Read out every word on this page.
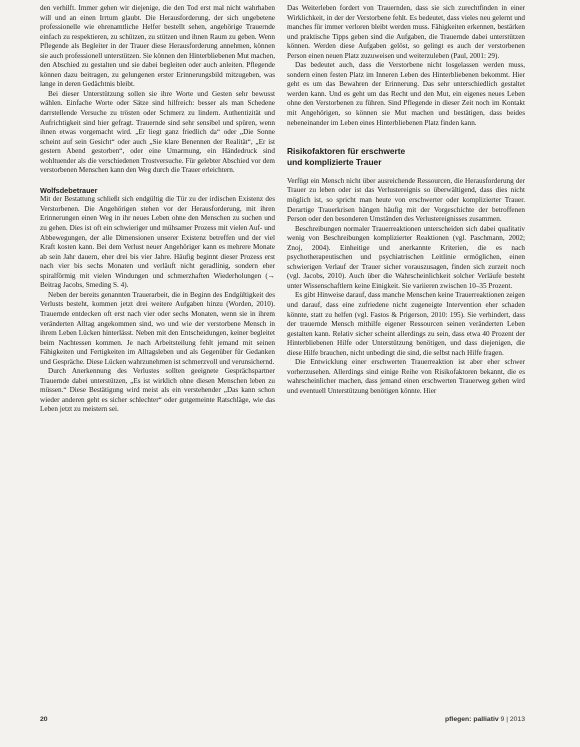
den verhilft. Immer gehen wir diejenige, die den Tod erst mal nicht wahrhaben will und an einen Irrtum glaubt. Die Herausforderung, der sich ungebetene professionelle wie ehrenamtliche Helfer bestellt sehen, angehörige Trauernde einfach zu respektieren, zu schützen, zu stützen und ihnen Raum zu geben. Wenn Pflegende als Begleiter in der Trauer diese Herausforderung annehmen, können sie auch professionell unterstützen. Sie können den Hinterbliebenen Mut machen, den Abschied zu gestalten und sie dabei begleiten oder auch anleiten. Pflegende können dazu beitragen, zu gelungenen erster Erinnerungsbild mitzugeben, was lange in deren Gedächtnis bleibt.

Bei dieser Unterstützung sollen sie ihre Worte und Gesten sehr bewusst wählen. Einfache Worte oder Sätze sind hilfreich: besser als man Schedene darrstellende Versuche zu trösten oder Schmerz zu lindern. Authentizität und Aufrichtigkeit sind hier gefragt. Trauernde sind sehr sensibel und spüren, wenn ihnen etwas vorgemacht wird. „Er liegt ganz friedlich da“ oder „Die Sonne scheint auf sein Gesicht“ oder auch „Sie klare Benennen der Realität“, „Er ist gestern Abend gestorben“, oder eine Umarmung, ein Händedruck sind wohltuender als die verschiedenen Trostversuche. Für gelebter Abschied vor dem verstorbenen Menschen kann den Weg durch die Trauer erleichtern.

Wolfsdebetrauer

Mit der Bestattung schließt sich endgültig die Tür zu der irdischen Existenz des Verstorbenen. Die Angehörigen stehen vor der Herausforderung, mit ihren Erinnerungen einen Weg in ihr neues Leben ohne den Menschen zu suchen und zu gehen. Dies ist oft ein schwieriger und mühsamer Prozess mit vielen Auf- und Abbewegungen, der alle Dimensionen unserer Existenz betreffen und der viel Kraft kosten kann. Bei dem Verlust neuer Angehöriger kann es mehrere Monate ab sein Jahr dauern, eher drei bis vier Jahre. Häufig beginnt dieser Prozess erst nach vier bis sechs Monaten und verläuft nicht geradlinig, sondern eher spiralförmig mit vielen Windungen und schmerzhaften Wiederholungen (→ Beitrag Jacobs, Smeding S. 4).

Neben der bereits genannten Trauerarbeit, die in Beginn des Endgültigkeit des Verlusts besteht, kommen jetzt drei weitere Aufgaben hinzu (Worden, 2010). Trauernde entdecken oft erst nach vier oder sechs Monaten, wenn sie in ihrem veränderten Alltag angekommen sind, wo und wie der verstorbene Mensch in ihrem Leben Lücken hinterlässt. Neben mit den Entscheidungen, keiner begleitet beim Nachtessen kommen. Je nach Arbeitsteilung fehlt jemand mit seinen Fähigkeiten und Fertigkeiten im Alltagsleben und als Gegenüber für Gedanken und Gespräche. Diese Lücken wahrzunehmen ist schmerzvoll und verunsichernd.

Durch Anerkennung des Verlustes sollten geeignete Gesprächspartner Trauernde dabei unterstützen, „Es ist wirklich ohne diesen Menschen leben zu müssen.“ Diese Bestätigung wird meist als ein verstehender „Das kann schon wieder anderen geht es sicher schlechter“ oder gutgemeinte Ratschläge, wie das Leben jetzt zu meistern sei.

Das Weiterleben fordert von Trauernden, dass sie sich zurechtfinden in einer Wirklichkeit, in der der Verstorbene fehlt. Es bedeutet, dass vieles neu gelernt und manches für immer verloren bleibt werden muss. Fähigkeiten erkennen, bestärken und praktische Tipps geben sind die Aufgaben, die Trauernde dabei unterstützen können. Werden diese Aufgaben gelöst, so gelingt es auch der verstorbenen Person einen neuen Platz zuzuweisen und weiterzuleben (Paul, 2001: 29).

Das bedeutet auch, dass die Verstorbene nicht losgelassen werden muss, sondern einen festen Platz im Inneren Leben des Hinterbliebenen bekommt. Hier geht es um das Bewahren der Erinnerung. Das sehr unterschiedlich gestaltet werden kann. Und es geht um das Recht und den Mut, ein eigenes neues Leben ohne den Verstorbenen zu führen. Sind Pflegende in dieser Zeit noch im Kontakt mit Angehörigen, so können sie Mut machen und bestätigen, dass beides nebeneinander im Leben eines Hinterbliebenen Platz finden kann.

Risikofaktoren für erschwerte
und komplizierte Trauer

Verfügt ein Mensch nicht über ausreichende Ressourcen, die Herausforderung der Trauer zu leben oder ist das Verlustereignis so überwältigend, dass dies nicht möglich ist, so spricht man heute von erschwerter oder komplizierter Trauer. Derartige Trauerkrisen hängen häufig mit der Vorgeschichte der betroffenen Person oder den besonderen Umständen des Verlustereignisses zusammen.

Beschreibungen normaler Trauerreaktionen unterscheiden sich dabei qualitativ wenig von Beschreibungen komplizierter Reaktionen (vgl. Paschmann, 2002; Znoj, 2004). Einheitige und anerkannte Kriterien, die es nach psychotherapeutischen und psychiatrischen Leitlinie ermöglichen, einen schwierigen Verlauf der Trauer sicher vorauszusagen, finden sich zurzeit noch (vgl. Jacobs, 2010). Auch über die Wahrscheinlichkeit solcher Verläufe besteht unter Wissenschaftlern keine Einigkeit. Sie variieren zwischen 10–35 Prozent.

Es gibt Hinweise darauf, dass manche Menschen keine Trauerreaktionen zeigen und darauf, dass eine zufriedene nicht zugeneigte Intervention eher schaden könnte, statt zu helfen (vgl. Fastos & Prigerson, 2010: 195). Sie verhindert, dass der trauernde Mensch mithilfe eigener Ressourcen seinen veränderten Leben gestalten kann. Relativ sicher scheint allerdings zu sein, dass etwa 40 Prozent der Hinterbliebenen Hilfe oder Unterstützung benötigen, und dass diejenigen, die diese Hilfe brauchen, nicht unbedingt die sind, die selbst nach Hilfe fragen.

Die Entwicklung einer erschwerten Trauerreaktion ist aber eher schwer vorherzusehen. Allerdings sind einige Reihe von Risikofaktoren bekannt, die es wahrscheinlicher machen, dass jemand einen erschwerten Trauerweg gehen wird und eventuell Unterstützung benötigen könnte. Hier

20	pflegen: palliativ 9 | 2013
